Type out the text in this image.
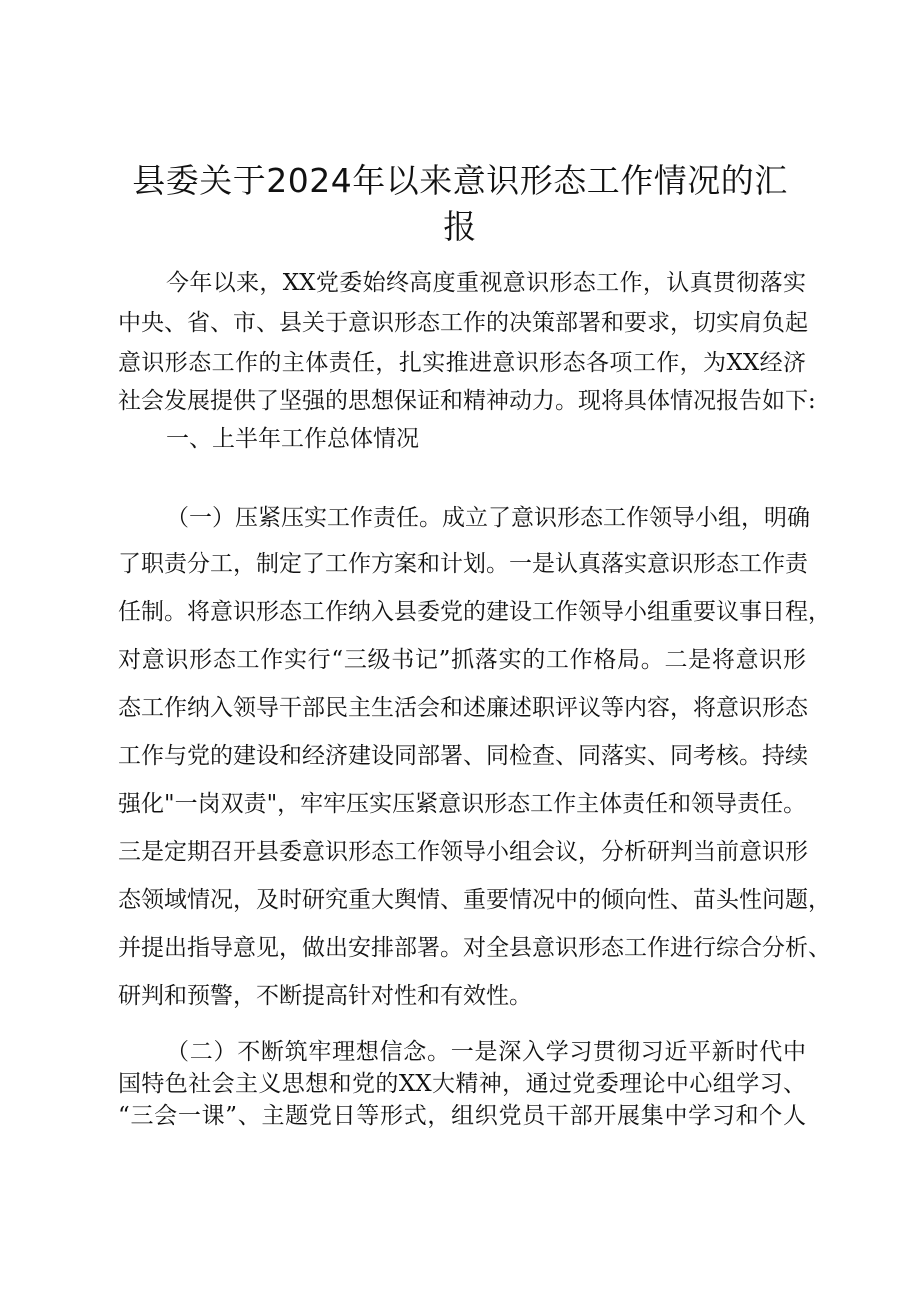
县委关于2024年以来意识形态工作情况的汇
报
今年以来，XX党委始终高度重视意识形态工作，认真贯彻落实
中央、省、市、县关于意识形态工作的决策部署和要求，切实肩负起
意识形态工作的主体责任，扎实推进意识形态各项工作，为XX经济
社会发展提供了坚强的思想保证和精神动力。现将具体情况报告如下:
一、上半年工作总体情况
（一）压紧压实工作责任。成立了意识形态工作领导小组，明确
了职责分工，制定了工作方案和计划。一是认真落实意识形态工作责
任制。将意识形态工作纳入县委党的建设工作领导小组重要议事日程，
对意识形态工作实行“三级书记”抓落实的工作格局。二是将意识形
态工作纳入领导干部民主生活会和述廉述职评议等内容，将意识形态
工作与党的建设和经济建设同部署、同检查、同落实、同考核。持续
强化"一岗双责"，牢牢压实压紧意识形态工作主体责任和领导责任。
三是定期召开县委意识形态工作领导小组会议，分析研判当前意识形
态领域情况，及时研究重大舆情、重要情况中的倾向性、苗头性问题，
并提出指导意见，做出安排部署。对全县意识形态工作进行综合分析、
研判和预警，不断提高针对性和有效性。
（二）不断筑牢理想信念。一是深入学习贯彻习近平新时代中
国特色社会主义思想和党的XX大精神，通过党委理论中心组学习、
“三会一课”、主题党日等形式，组织党员干部开展集中学习和个人
